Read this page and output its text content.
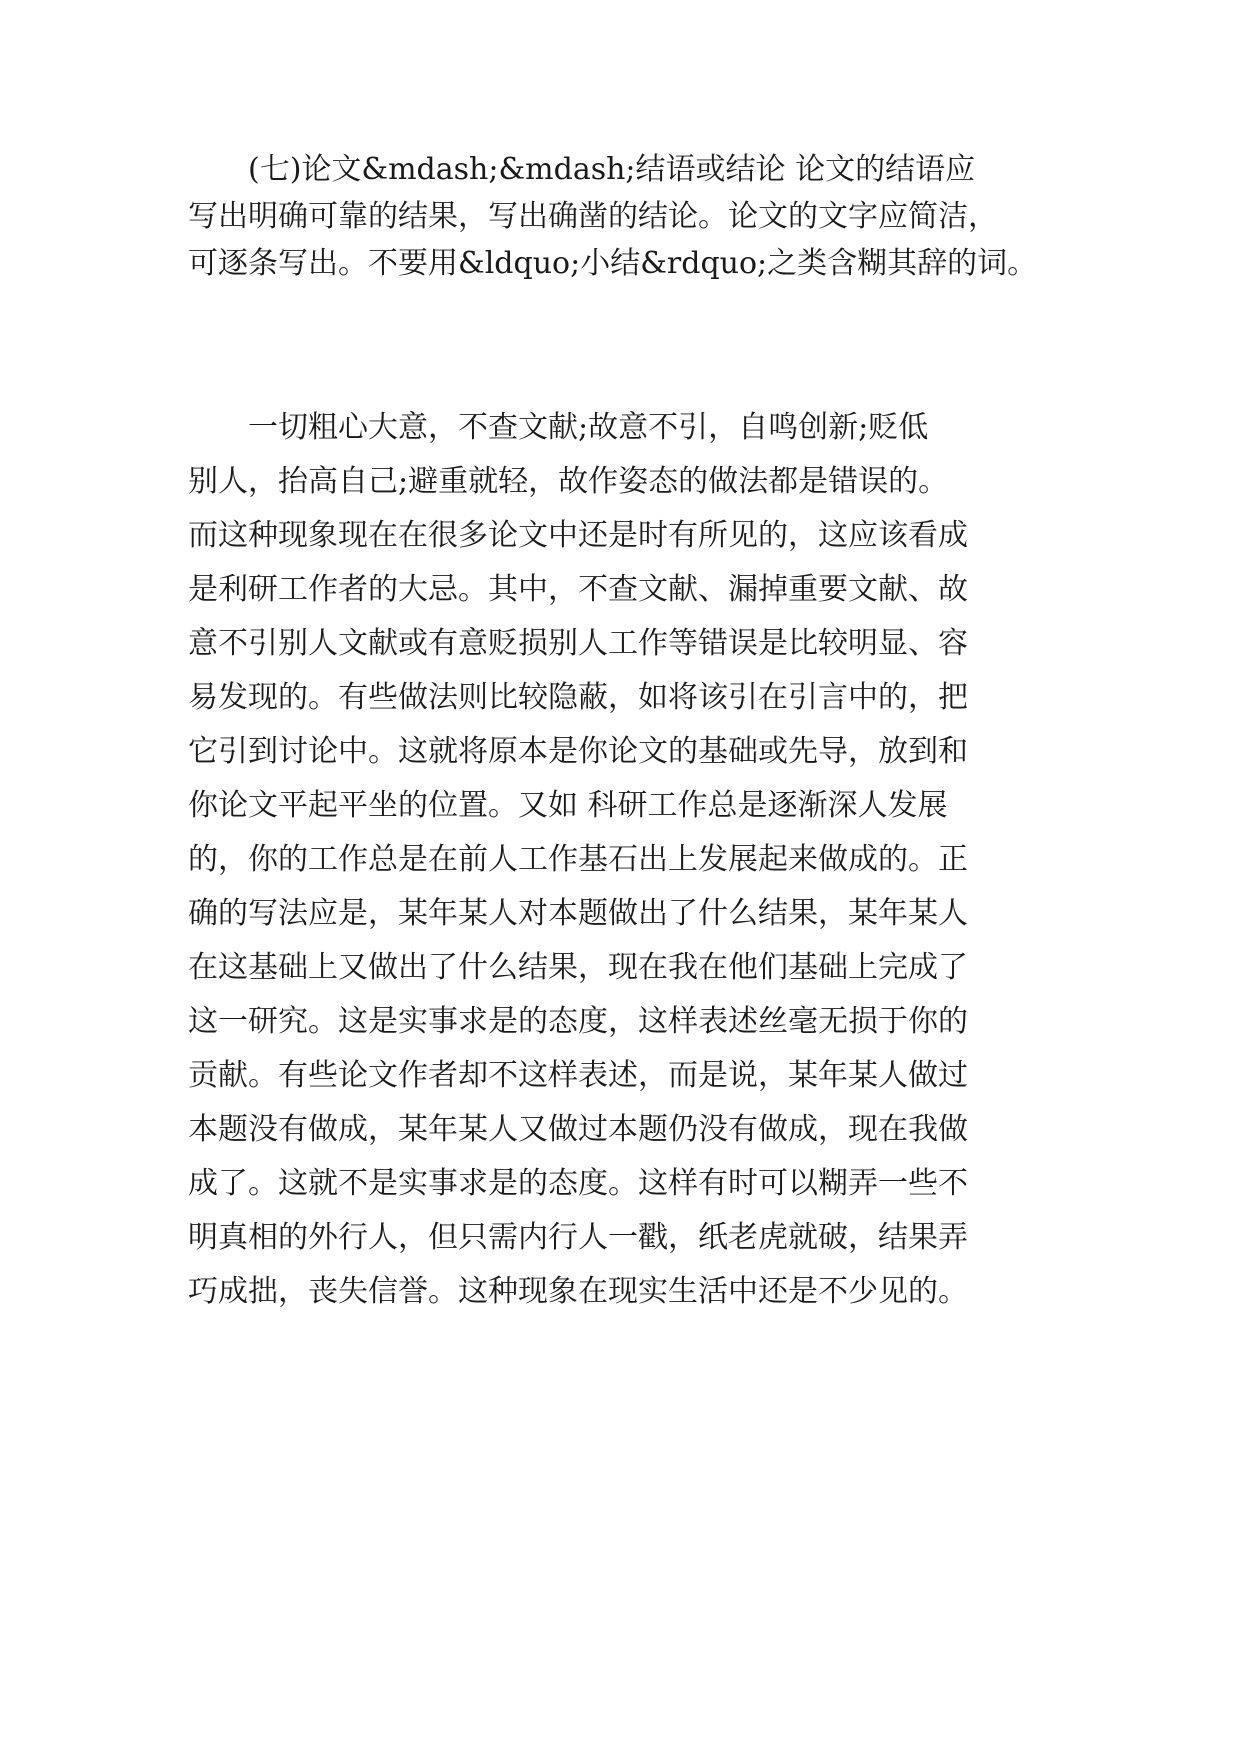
　　(七)论文&mdash;&mdash;结语或结论 论文的结语应
写出明确可靠的结果，写出确凿的结论。论文的文字应简洁，
可逐条写出。不要用&ldquo;小结&rdquo;之类含糊其辞的词。
　　一切粗心大意，不查文献;故意不引，自鸣创新;贬低
别人，抬高自己;避重就轻，故作姿态的做法都是错误的。
而这种现象现在在很多论文中还是时有所见的，这应该看成
是利研工作者的大忌。其中，不查文献、漏掉重要文献、故
意不引别人文献或有意贬损别人工作等错误是比较明显、容
易发现的。有些做法则比较隐蔽，如将该引在引言中的，把
它引到讨论中。这就将原本是你论文的基础或先导，放到和
你论文平起平坐的位置。又如 科研工作总是逐渐深人发展
的，你的工作总是在前人工作基石出上发展起来做成的。正
确的写法应是，某年某人对本题做出了什么结果，某年某人
在这基础上又做出了什么结果，现在我在他们基础上完成了
这一研究。这是实事求是的态度，这样表述丝毫无损于你的
贡献。有些论文作者却不这样表述，而是说，某年某人做过
本题没有做成，某年某人又做过本题仍没有做成，现在我做
成了。这就不是实事求是的态度。这样有时可以糊弄一些不
明真相的外行人，但只需内行人一戳，纸老虎就破，结果弄
巧成拙，丧失信誉。这种现象在现实生活中还是不少见的。
